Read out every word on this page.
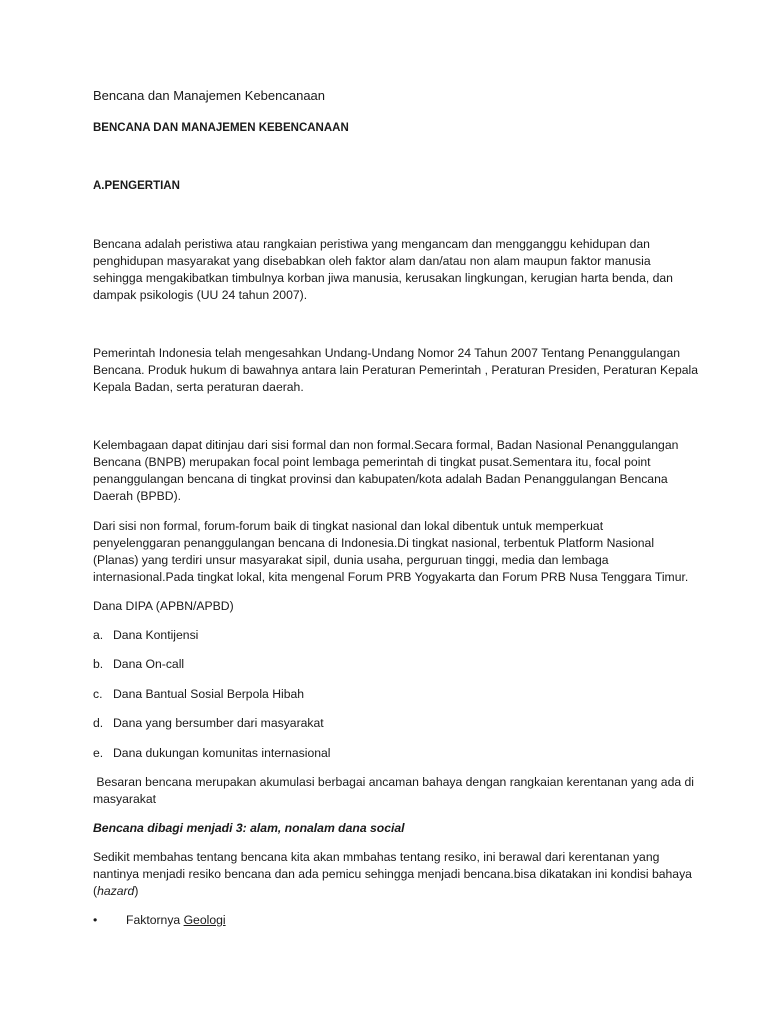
Bencana dan Manajemen Kebencanaan

BENCANA DAN MANAJEMEN KEBENCANAAN

A.PENGERTIAN

Bencana adalah peristiwa atau rangkaian peristiwa yang mengancam dan mengganggu kehidupan dan
penghidupan masyarakat yang disebabkan oleh faktor alam dan/atau non alam maupun faktor manusia
sehingga mengakibatkan timbulnya korban jiwa manusia, kerusakan lingkungan, kerugian harta benda, dan
dampak psikologis (UU 24 tahun 2007).

Pemerintah Indonesia telah mengesahkan Undang-Undang Nomor 24 Tahun 2007 Tentang Penanggulangan
Bencana. Produk hukum di bawahnya antara lain Peraturan Pemerintah , Peraturan Presiden, Peraturan Kepala
Kepala Badan, serta peraturan daerah.

Kelembagaan dapat ditinjau dari sisi formal dan non formal.Secara formal, Badan Nasional Penanggulangan
Bencana (BNPB) merupakan focal point lembaga pemerintah di tingkat pusat.Sementara itu, focal point
penanggulangan bencana di tingkat provinsi dan kabupaten/kota adalah Badan Penanggulangan Bencana
Daerah (BPBD).

Dari sisi non formal, forum-forum baik di tingkat nasional dan lokal dibentuk untuk memperkuat
penyelenggaran penanggulangan bencana di Indonesia.Di tingkat nasional, terbentuk Platform Nasional
(Planas) yang terdiri unsur masyarakat sipil, dunia usaha, perguruan tinggi, media dan lembaga
internasional.Pada tingkat lokal, kita mengenal Forum PRB Yogyakarta dan Forum PRB Nusa Tenggara Timur.

Dana DIPA (APBN/APBD)

a. Dana Kontijensi

b. Dana On-call

c. Dana Bantual Sosial Berpola Hibah

d. Dana yang bersumber dari masyarakat

e. Dana dukungan komunitas internasional

Besaran bencana merupakan akumulasi berbagai ancaman bahaya dengan rangkaian kerentanan yang ada di
masyarakat

Bencana dibagi menjadi 3: alam, nonalam dana social

Sedikit membahas tentang bencana kita akan mmbahas tentang resiko, ini berawal dari kerentanan yang
nantinya menjadi resiko bencana dan ada pemicu sehingga menjadi bencana.bisa dikatakan ini kondisi bahaya
(hazard)

• Faktornya Geologi
